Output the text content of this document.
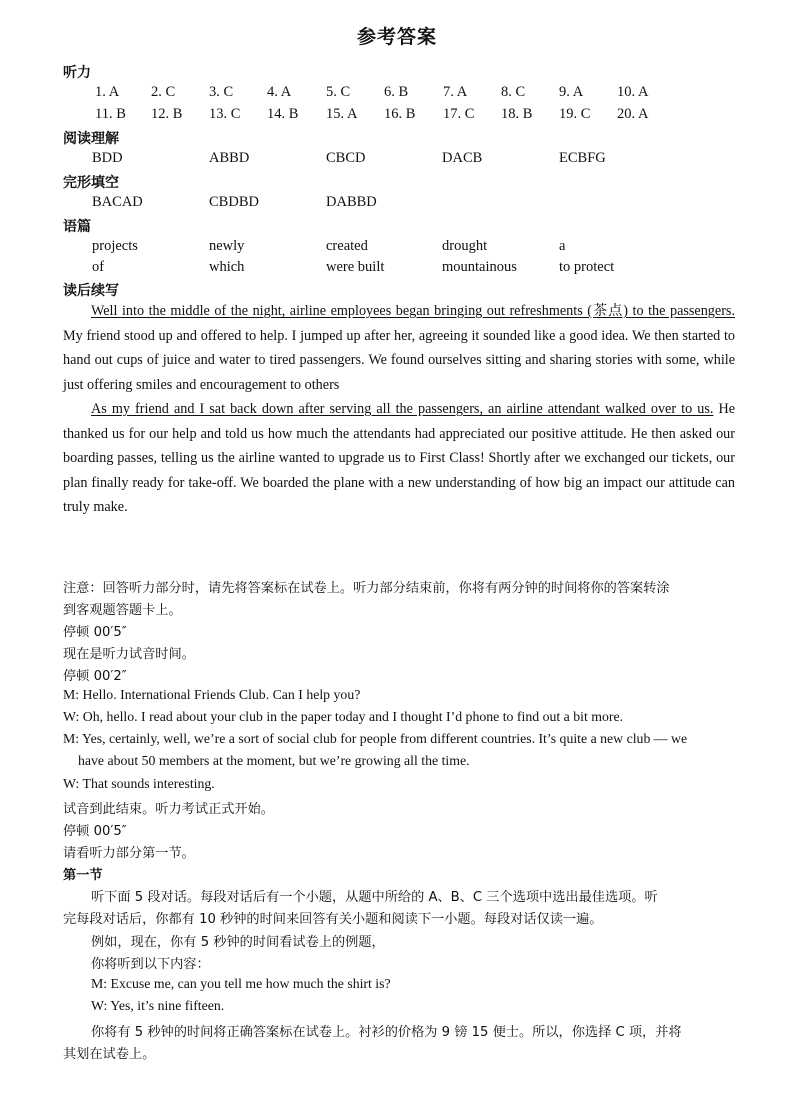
参考答案
听力
1. A 2. C 3. C 4. A 5. C 6. B 7. A 8. C 9. A 10. A
11. B 12. B 13. C 14. B 15. A 16. B 17. C 18. B 19. C 20. A
阅读理解
BDD	ABBD	CBCD	DACB	ECBFG
完形填空
BACAD	CBDBD	DABBD
语篇
projects	newly	created	drought	a
of	which	were built	mountainous	to protect
读后续写

Well into the middle of the night, airline employees began bringing out refreshments (茶点) to the passengers. My friend stood up and offered to help. I jumped up after her, agreeing it sounded like a good idea. We then started to hand out cups of juice and water to tired passengers. We found ourselves sitting and sharing stories with some, while just offering smiles and encouragement to others

As my friend and I sat back down after serving all the passengers, an airline attendant walked over to us. He thanked us for our help and told us how much the attendants had appreciated our positive attitude. He then asked our boarding passes, telling us the airline wanted to upgrade us to First Class! Shortly after we exchanged our tickets, our plan finally ready for take-off. We boarded the plane with a new understanding of how big an impact our attitude can truly make.

注意：回答听力部分时，请先将答案标在试卷上。听力部分结束前，你将有两分钟的时间将你的答案转涂
到客观题答题卡上。
停顿 00′5″
现在是听力试音时间。
停顿 00′2″
M: Hello. International Friends Club. Can I help you?
W: Oh, hello. I read about your club in the paper today and I thought I’d phone to find out a bit more.
M: Yes, certainly, well, we’re a sort of social club for people from different countries. It’s quite a new club — we
have about 50 members at the moment, but we’re growing all the time.
W: That sounds interesting.
试音到此结束。听力考试正式开始。
停顿 00′5″
请看听力部分第一节。
第一节
听下面 5 段对话。每段对话后有一个小题，从题中所给的 A、B、C 三个选项中选出最佳选项。听
完每段对话后，你都有 10 秒钟的时间来回答有关小题和阅读下一小题。每段对话仅读一遍。
例如，现在，你有 5 秒钟的时间看试卷上的例题，
你将听到以下内容：
M: Excuse me, can you tell me how much the shirt is?
W: Yes, it’s nine fifteen.
你将有 5 秒钟的时间将正确答案标在试卷上。衬衫的价格为 9 镑 15 便士。所以，你选择 C 项，并将
其划在试卷上。
